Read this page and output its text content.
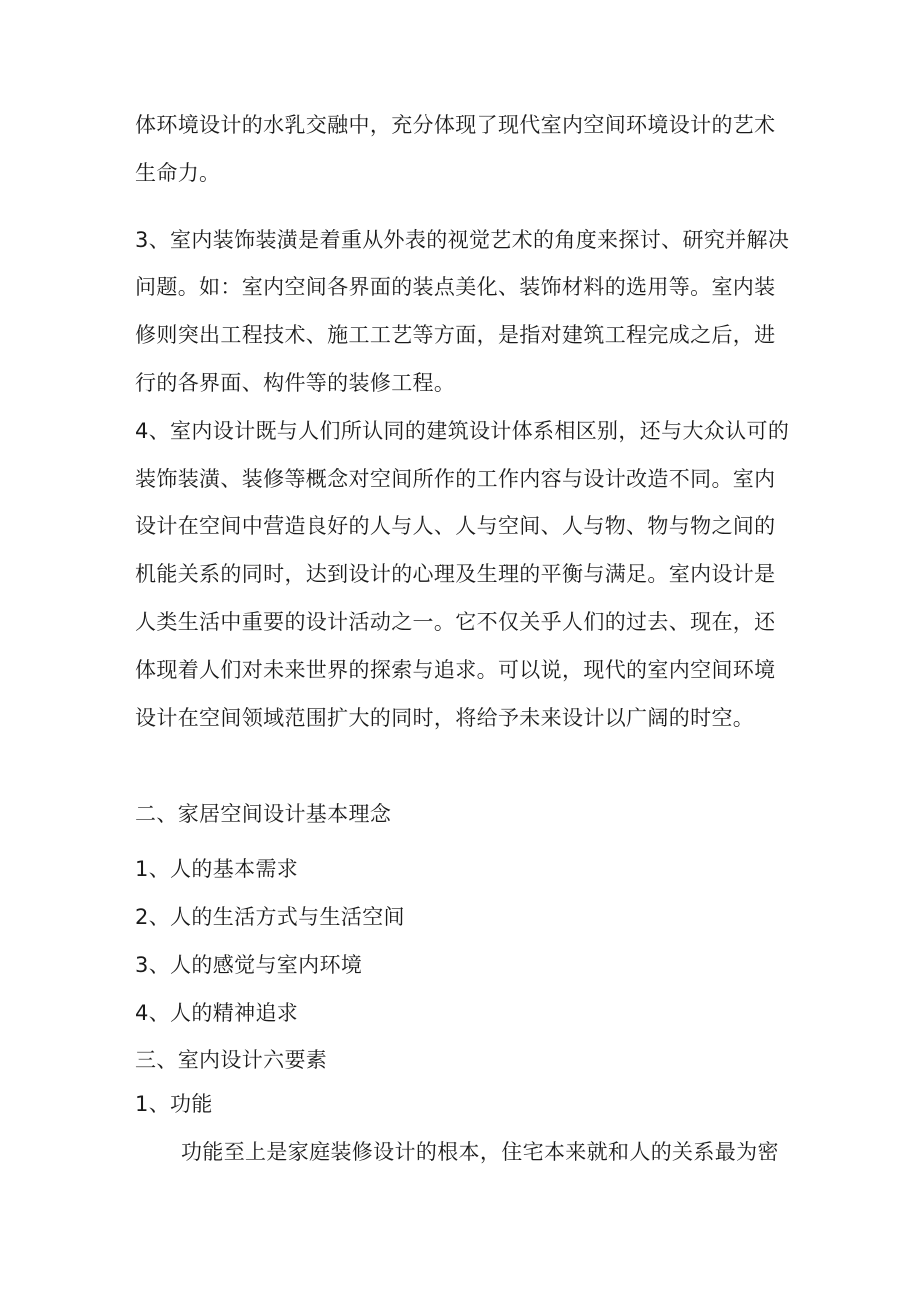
体环境设计的水乳交融中，充分体现了现代室内空间环境设计的艺术
生命力。
3、室内装饰装潢是着重从外表的视觉艺术的角度来探讨、研究并解决
问题。如：室内空间各界面的装点美化、装饰材料的选用等。室内装
修则突出工程技术、施工工艺等方面，是指对建筑工程完成之后，进
行的各界面、构件等的装修工程。
4、室内设计既与人们所认同的建筑设计体系相区别，还与大众认可的
装饰装潢、装修等概念对空间所作的工作内容与设计改造不同。室内
设计在空间中营造良好的人与人、人与空间、人与物、物与物之间的
机能关系的同时，达到设计的心理及生理的平衡与满足。室内设计是
人类生活中重要的设计活动之一。它不仅关乎人们的过去、现在，还
体现着人们对未来世界的探索与追求。可以说，现代的室内空间环境
设计在空间领域范围扩大的同时，将给予未来设计以广阔的时空。
二、家居空间设计基本理念
1、人的基本需求
2、人的生活方式与生活空间
3、人的感觉与室内环境
4、人的精神追求
三、室内设计六要素
1、功能
功能至上是家庭装修设计的根本，住宅本来就和人的关系最为密
